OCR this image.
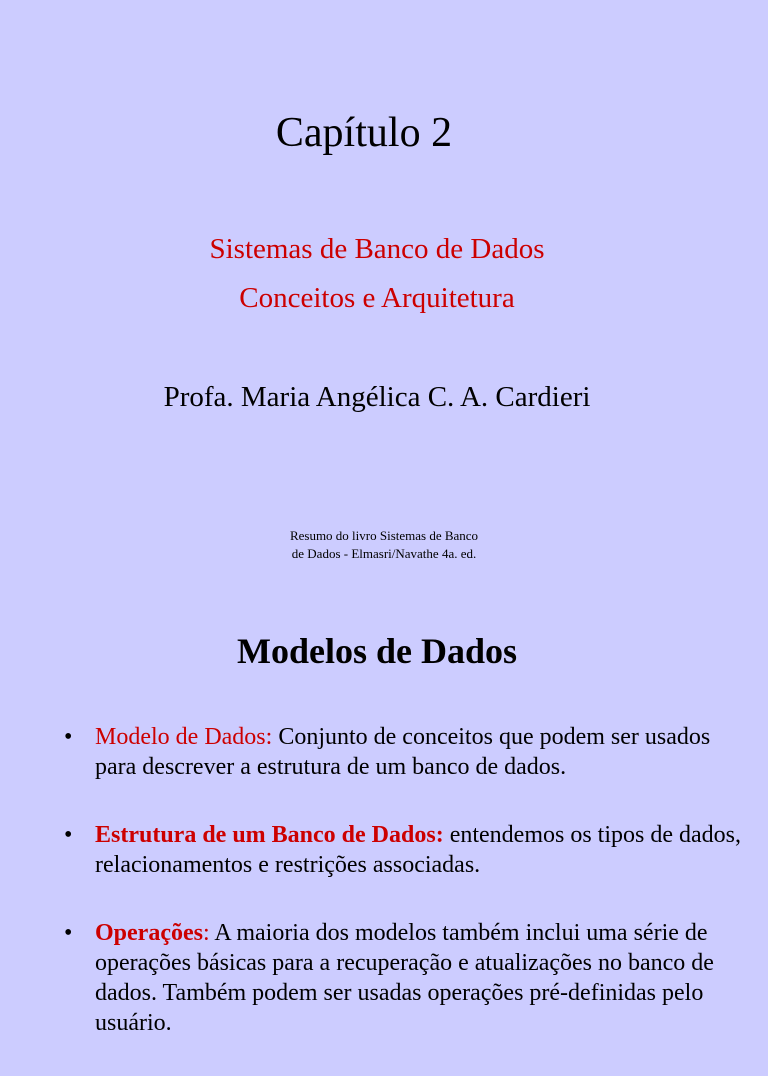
Capítulo 2
Sistemas de Banco de Dados
Conceitos e Arquitetura
Profa. Maria Angélica C. A. Cardieri
Resumo do livro Sistemas de Banco
de Dados - Elmasri/Navathe 4a. ed.
Modelos de Dados
• Modelo de Dados: Conjunto de conceitos que podem ser usados para descrever a estrutura de um banco de dados.
• Estrutura de um Banco de Dados: entendemos os tipos de dados, relacionamentos e restrições associadas.
• Operações: A maioria dos modelos também inclui uma série de operações básicas para a recuperação e atualizações no banco de dados. Também podem ser usadas operações pré-definidas pelo usuário.
